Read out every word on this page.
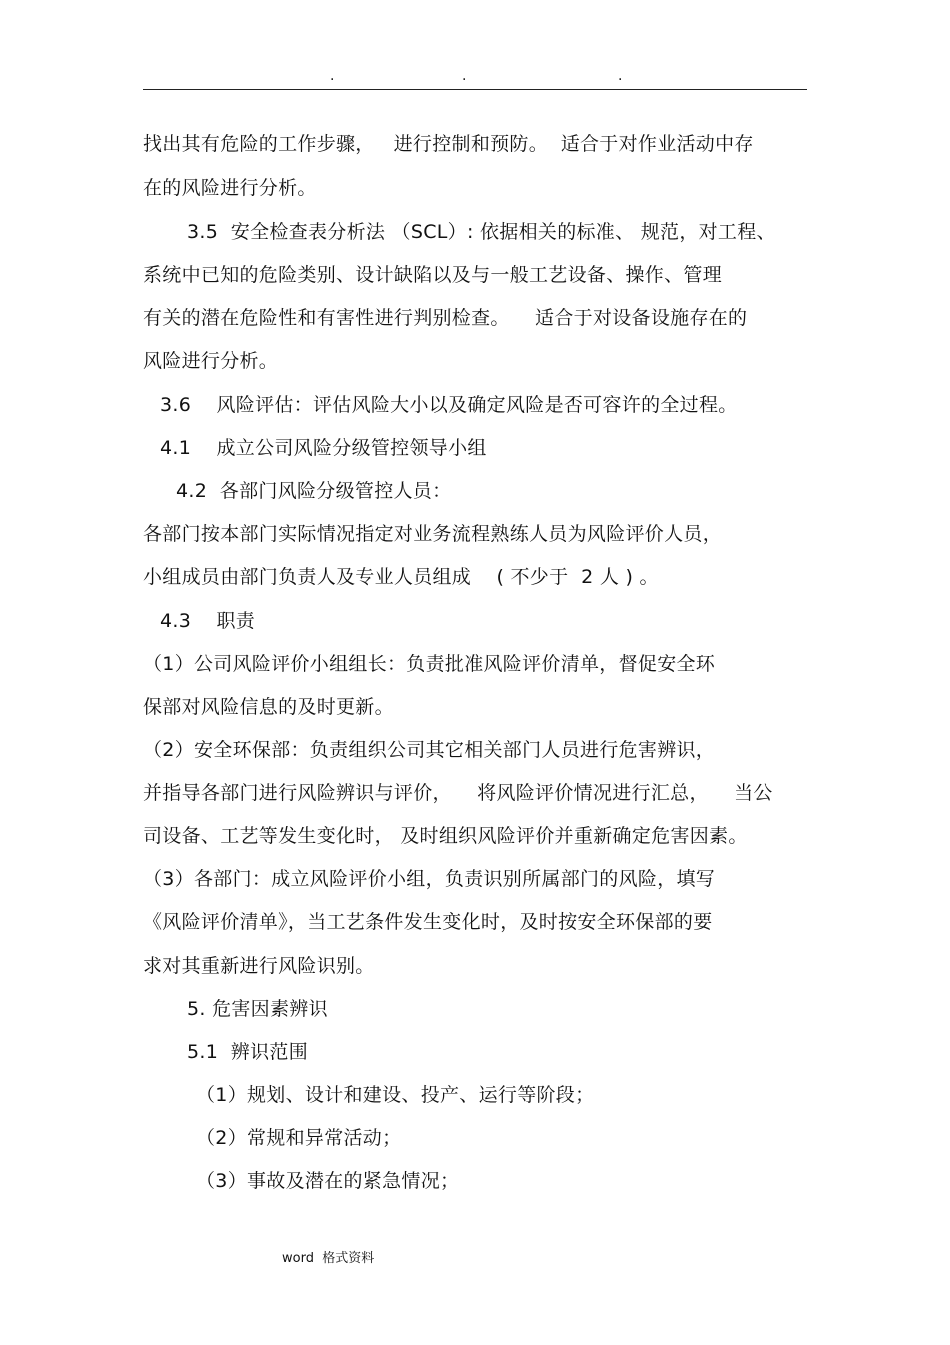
.	.	.
找出其有危险的工作步骤，   进行控制和预防。  适合于对作业活动中存
在的风险进行分析。
3.5  安全检查表分析法 （SCL）: 依据相关的标准、 规范，对工程、
系统中已知的危险类别、设计缺陷以及与一般工艺设备、操作、管理
有关的潜在危险性和有害性进行判别检查。    适合于对设备设施存在的
风险进行分析。
3.6    风险评估：评估风险大小以及确定风险是否可容许的全过程。
4.1    成立公司风险分级管控领导小组
4.2  各部门风险分级管控人员：
各部门按本部门实际情况指定对业务流程熟练人员为风险评价人员，
小组成员由部门负责人及专业人员组成    ( 不少于  2 人 ) 。
4.3    职责
（1）公司风险评价小组组长：负责批准风险评价清单，督促安全环
保部对风险信息的及时更新。
（2）安全环保部：负责组织公司其它相关部门人员进行危害辨识，
并指导各部门进行风险辨识与评价，    将风险评价情况进行汇总，    当公
司设备、工艺等发生变化时， 及时组织风险评价并重新确定危害因素。
（3）各部门：成立风险评价小组，负责识别所属部门的风险，填写
《风险评价清单》，当工艺条件发生变化时，及时按安全环保部的要
求对其重新进行风险识别。
5. 危害因素辨识
5.1  辨识范围
（1）规划、设计和建设、投产、运行等阶段；
（2）常规和异常活动；
（3）事故及潜在的紧急情况；
word  格式资料
